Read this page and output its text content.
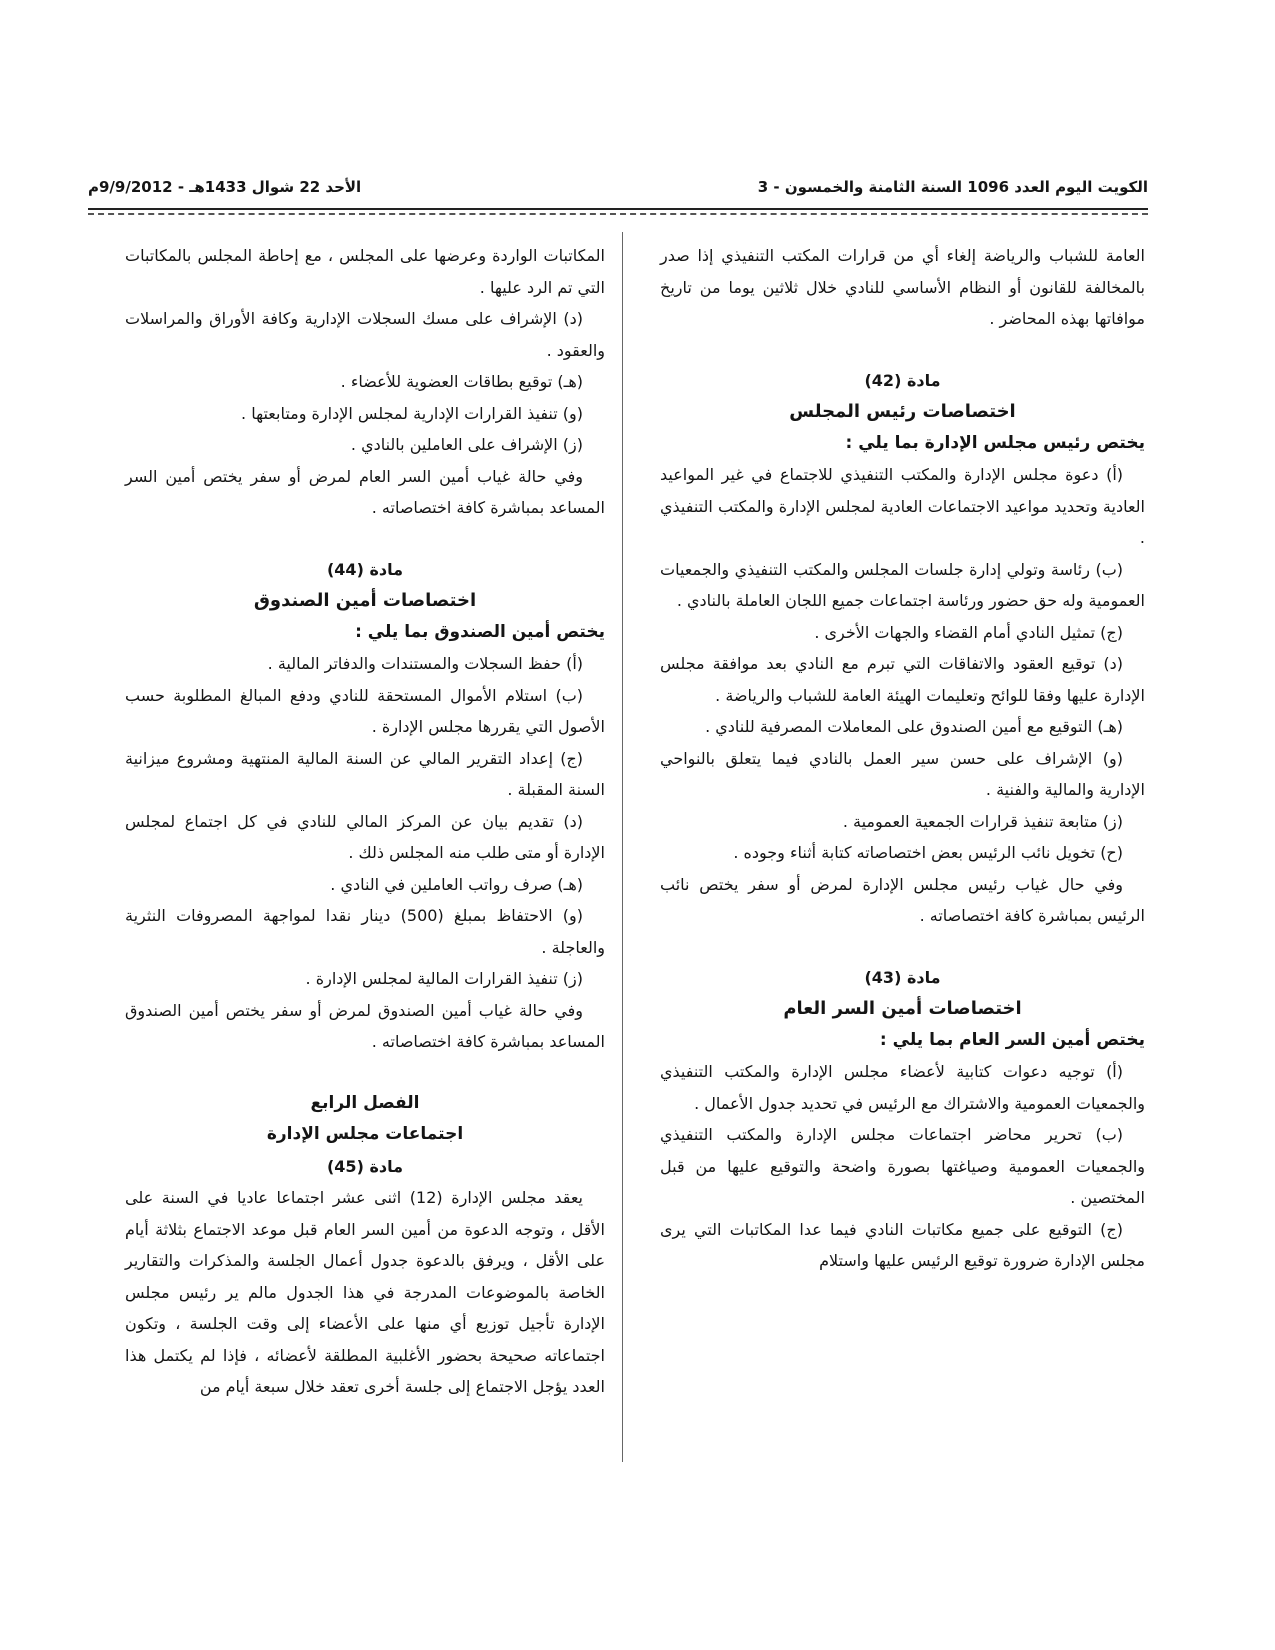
الكويت اليوم العدد 1096 السنة الثامنة والخمسون - 3
الأحد 22 شوال 1433هـ - 9/9/2012م

العامة للشباب والرياضة إلغاء أي من قرارات المكتب التنفيذي إذا صدر بالمخالفة للقانون أو النظام الأساسي للنادي خلال ثلاثين يوما من تاريخ موافاتها بهذه المحاضر .

مادة (42)

اختصاصات رئيس المجلس

يختص رئيس مجلس الإدارة بما يلي :

(أ) دعوة مجلس الإدارة والمكتب التنفيذي للاجتماع في غير المواعيد العادية وتحديد مواعيد الاجتماعات العادية لمجلس الإدارة والمكتب التنفيذي .

(ب) رئاسة وتولي إدارة جلسات المجلس والمكتب التنفيذي والجمعيات العمومية وله حق حضور ورئاسة اجتماعات جميع اللجان العاملة بالنادي .

(ج) تمثيل النادي أمام القضاء والجهات الأخرى .

(د) توقيع العقود والاتفاقات التي تبرم مع النادي بعد موافقة مجلس الإدارة عليها وفقا للوائح وتعليمات الهيئة العامة للشباب والرياضة .

(هـ) التوقيع مع أمين الصندوق على المعاملات المصرفية للنادي .

(و) الإشراف على حسن سير العمل بالنادي فيما يتعلق بالنواحي الإدارية والمالية والفنية .

(ز) متابعة تنفيذ قرارات الجمعية العمومية .

(ح) تخويل نائب الرئيس بعض اختصاصاته كتابة أثناء وجوده .

وفي حال غياب رئيس مجلس الإدارة لمرض أو سفر يختص نائب الرئيس بمباشرة كافة اختصاصاته .

مادة (43)

اختصاصات أمين السر العام

يختص أمين السر العام بما يلي :

(أ) توجيه دعوات كتابية لأعضاء مجلس الإدارة والمكتب التنفيذي والجمعيات العمومية والاشتراك مع الرئيس في تحديد جدول الأعمال .

(ب) تحرير محاضر اجتماعات مجلس الإدارة والمكتب التنفيذي والجمعيات العمومية وصياغتها بصورة واضحة والتوقيع عليها من قبل المختصين .

(ج) التوقيع على جميع مكاتبات النادي فيما عدا المكاتبات التي يرى مجلس الإدارة ضرورة توقيع الرئيس عليها واستلام

المكاتبات الواردة وعرضها على المجلس ، مع إحاطة المجلس بالمكاتبات التي تم الرد عليها .

(د) الإشراف على مسك السجلات الإدارية وكافة الأوراق والمراسلات والعقود .

(هـ) توقيع بطاقات العضوية للأعضاء .

(و) تنفيذ القرارات الإدارية لمجلس الإدارة ومتابعتها .

(ز) الإشراف على العاملين بالنادي .

وفي حالة غياب أمين السر العام لمرض أو سفر يختص أمين السر المساعد بمباشرة كافة اختصاصاته .

مادة (44)

اختصاصات أمين الصندوق

يختص أمين الصندوق بما يلي :

(أ) حفظ السجلات والمستندات والدفاتر المالية .

(ب) استلام الأموال المستحقة للنادي ودفع المبالغ المطلوبة حسب الأصول التي يقررها مجلس الإدارة .

(ج) إعداد التقرير المالي عن السنة المالية المنتهية ومشروع ميزانية السنة المقبلة .

(د) تقديم بيان عن المركز المالي للنادي في كل اجتماع لمجلس الإدارة أو متى طلب منه المجلس ذلك .

(هـ) صرف رواتب العاملين في النادي .

(و) الاحتفاظ بمبلغ (500) دينار نقدا لمواجهة المصروفات النثرية والعاجلة .

(ز) تنفيذ القرارات المالية لمجلس الإدارة .

وفي حالة غياب أمين الصندوق لمرض أو سفر يختص أمين الصندوق المساعد بمباشرة كافة اختصاصاته .

الفصل الرابع

اجتماعات مجلس الإدارة

مادة (45)

يعقد مجلس الإدارة (12) اثنى عشر اجتماعا عاديا في السنة على الأقل ، وتوجه الدعوة من أمين السر العام قبل موعد الاجتماع بثلاثة أيام على الأقل ، ويرفق بالدعوة جدول أعمال الجلسة والمذكرات والتقارير الخاصة بالموضوعات المدرجة في هذا الجدول مالم ير رئيس مجلس الإدارة تأجيل توزيع أي منها على الأعضاء إلى وقت الجلسة ، وتكون اجتماعاته صحيحة بحضور الأغلبية المطلقة لأعضائه ، فإذا لم يكتمل هذا العدد يؤجل الاجتماع إلى جلسة أخرى تعقد خلال سبعة أيام من
